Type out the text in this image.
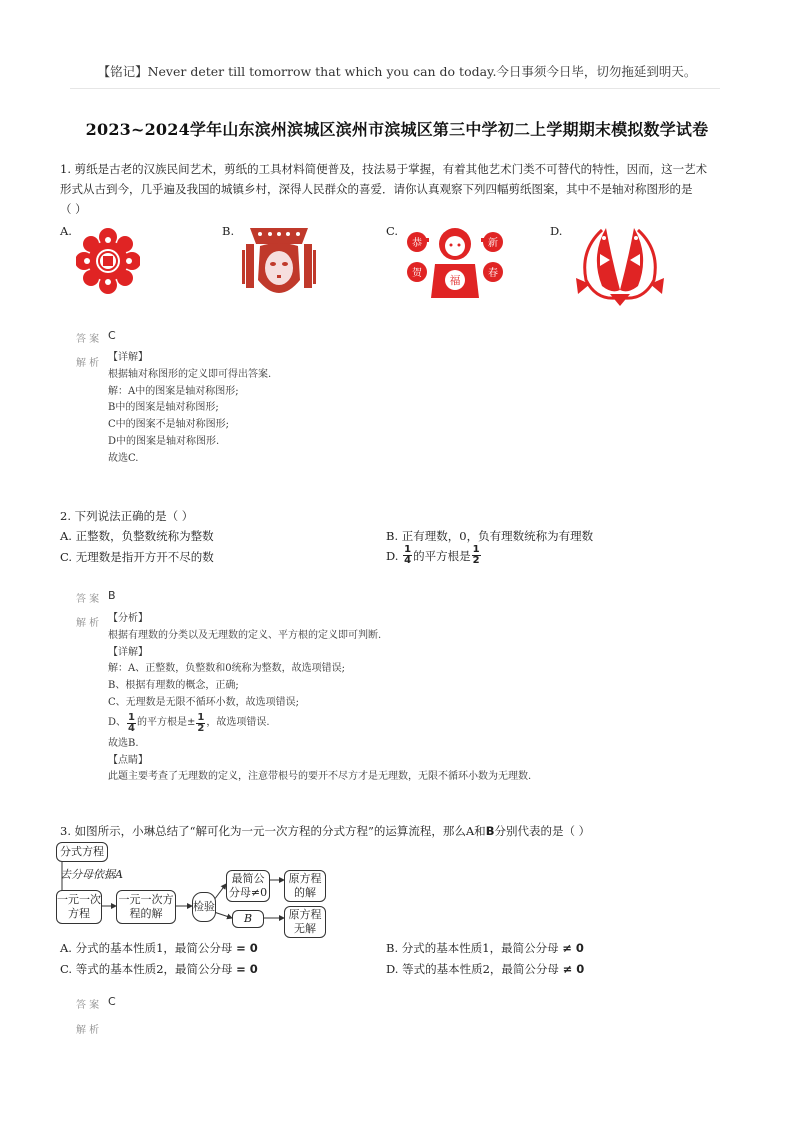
【铭记】Never deter till tomorrow that which you can do today.今日事须今日毕，切勿拖延到明天。
2023~2024学年山东滨州滨城区滨州市滨城区第三中学初二上学期期末模拟数学试卷
1. 剪纸是古老的汉族民间艺术，剪纸的工具材料简便普及，技法易于掌握，有着其他艺术门类不可替代的特性，因而，这一艺术
形式从古到今，几乎遍及我国的城镇乡村，深得人民群众的喜爱．请你认真观察下列四幅剪纸图案，其中不是轴对称图形的是
（ ）
A.	B.	C.	D.
恭	新
贺	春
福
答 案 C
解 析
【详解】
根据轴对称图形的定义即可得出答案.
解：A中的图案是轴对称图形;
B中的图案是轴对称图形;
C中的图案不是轴对称图形;
D中的图案是轴对称图形.
故选C.
2. 下列说法正确的是（ ）
A. 正整数，负整数统称为整数	B. 正有理数，0，负有理数统称为有理数
C. 无理数是指开方开不尽的数	D.
$\frac{1}{4}$ 的平方根是 $\frac{1}{2}$
答 案 B
解 析 【分析】
根据有理数的分类以及无理数的定义、平方根的定义即可判断.
【详解】
解：A、正整数，负整数和0统称为整数，故选项错误;
B、根据有理数的概念，正确;
C、无理数是无限不循环小数，故选项错误;
D、 $\frac{1}{4}$ 的平方根是± $\frac{1}{2}$ ，故选项错误.
故选B.
【点睛】
此题主要考查了无理数的定义，注意带根号的要开不尽方才是无理数，无限不循环小数为无理数.
3. 如图所示，小琳总结了“解可化为一元一次方程的分式方程”的运算流程，那么A和B分别代表的是（ ）
分式方程
去分母依据A
一元一次方程
一元一次方程的解
检验
最简公分母≠0
原方程的解
B	原方程无解
A. 分式的基本性质1，最简公分母 = 0	B. 分式的基本性质1，最简公分母 ≠ 0
C. 等式的基本性质2，最简公分母 = 0	D. 等式的基本性质2，最简公分母 ≠ 0
答 案 C
解 析
